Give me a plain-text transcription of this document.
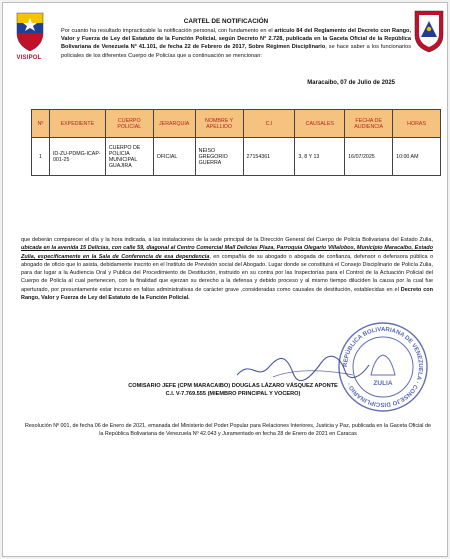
VISIPOL
CARTEL DE NOTIFICACIÓN
Por cuanto ha resultado impracticable la notificación personal, con fundamento en el artículo 84 del Reglamento del Decreto con Rango, Valor y Fuerza de Ley del Estatuto de la Función Policial, según Decreto N° 2.728, publicada en la Gaceta Oficial de la República Bolivariana de Venezuela N° 41.101, de fecha 22 de Febrero de 2017, Sobre Régimen Disciplinario, se hace saber a los funcionarios policiales de los diferentes Cuerpo de Policías que a continuación se mencionan:
Maracaibo, 07 de Julio de 2025
Nº	EXPEDIENTE	CUERPO POLICIAL	JERARQUIA	NOMBRE Y APELLIDO	C.I	CAUSALES	FECHA DE AUDIENCIA	HORAS
1	ID-ZU-PDMG-ICAP-001-25	CUERPO DE POLICIA MUNICIPAL GUAJIRA	OFICIAL	NEISO GREGORIO GUERRA	27154361	3, 8 Y 13	16/07/2025	10:00 AM
que deberán comparecer el día y la hora indicada, a las instalaciones de la sede principal de la Dirección General del Cuerpo de Policía Bolivariana del Estado Zulia, ubicada en la avenida 15 Delicias, con calle 59, diagonal al Centro Comercial Mall Delicias Plaza, Parroquia Olegario Villalobos, Municipio Maracaibo, Estado Zulia, específicamente en la Sala de Conferencia de esa dependencia, en compañía de su abogado o abogada de confianza, defensor o defensora pública o abogado de oficio que lo asista, debidamente inscrito en el Instituto de Previsión social del Abogado. Lugar donde se constituirá el Consejo Disciplinario de Policía Zulia, para dar lugar a la Audiencia Oral y Publica del Procedimiento de Destitución, instruido en su contra por las Inspectorías para el Control de la Actuación Policial del Cuerpo de Policía al cual pertenecen, con la finalidad que ejerzan su derecho a la defensa y debido proceso y al mismo tiempo diluciden la causa por la cual fue aperturado, por presuntamente estar incurso en faltas administrativas de carácter grave ,consideradas como causales de destitución, establecidas en el Decreto con Rango, Valor y Fuerza de Ley del Estatuto de la Función Policial.
REPÚBLICA BOLIVARIANA DE VENEZUELA · CONSEJO DISCIPLINARIO ·	ZULIA
COMISARIO JEFE (CPM MARACAIBO) DOUGLAS LÁZARO VÁSQUEZ APONTE
C.I. V-7.769.555 (MIEMBRO PRINCIPAL Y VOCERO)
Resolución Nº 001, de fecha 06 de Enero de 2021, emanada del Ministerio del Poder Popular para Relaciones Interiores, Justicia y Paz, publicada en la Gaceta Oficial de la República Bolivariana de Venezuela Nº 42.043 y Juramentado en fecha 28 de Enero de 2021 en Caracas
